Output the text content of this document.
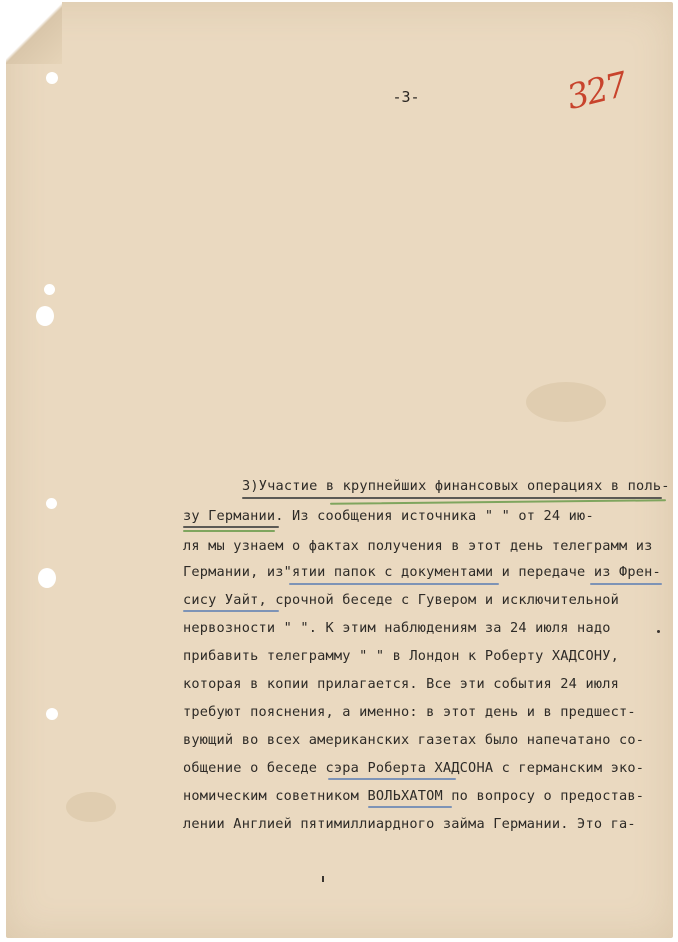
-3-	327
3)Участие в крупнейших финансовых операциях в поль-
зу Германии. Из сообщения источника " " от 24 ию-
ля мы узнаем о фактах получения в этот день телеграмм из
Германии, из"ятии папок с документами и передаче из Френ-
сису Уайт, срочной беседе с Гувером и исключительной
нервозности " ". К этим наблюдениям за 24 июля надо
прибавить телеграмму " " в Лондон к Роберту ХАДСОНУ,
которая в копии прилагается. Все эти события 24 июля
требуют пояснения, а именно: в этот день и в предшест-
вующий во всех американских газетах было напечатано со-
общение о беседе сэра Роберта ХАДСОНА с германским эко-
номическим советником ВОЛЬХАТОМ по вопросу о предостав-
лении Англией пятимиллиардного займа Германии. Это га-
